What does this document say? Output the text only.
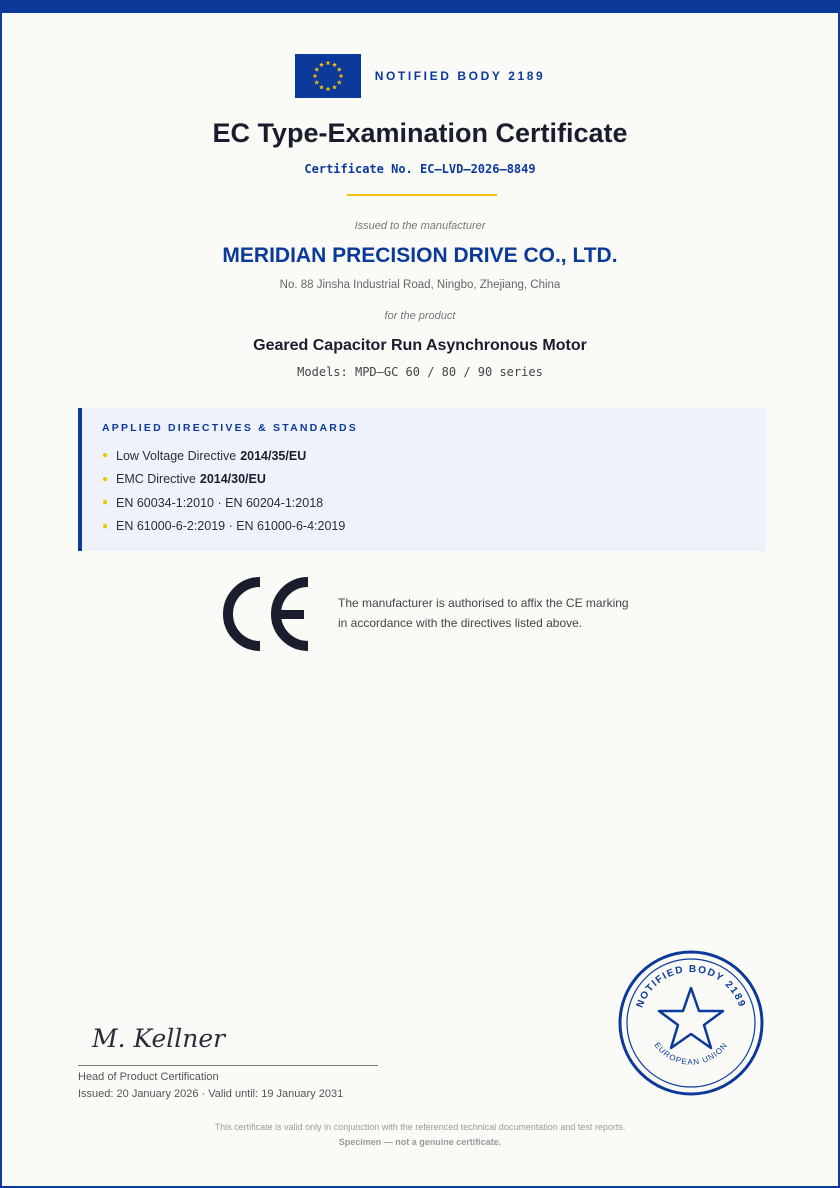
NOTIFIED BODY 2189
EC Type-Examination Certificate
Certificate No. EC–LVD–2026–8849
Issued to the manufacturer
MERIDIAN PRECISION DRIVE CO., LTD.
No. 88 Jinsha Industrial Road, Ningbo, Zhejiang, China
for the product
Geared Capacitor Run Asynchronous Motor
Models: MPD–GC 60 / 80 / 90 series
APPLIED DIRECTIVES & STANDARDS
● Low Voltage Directive 2014/35/EU
● EMC Directive 2014/30/EU
● EN 60034-1:2010 · EN 60204-1:2018
● EN 61000-6-2:2019 · EN 61000-6-4:2019
The manufacturer is authorised to affix the CE marking
in accordance with the directives listed above.
M. Kellner
Head of Product Certification
Issued: 20 January 2026 · Valid until: 19 January 2031
NOTIFIED BODY 2189
EUROPEAN UNION
This certificate is valid only in conjunction with the referenced technical documentation and test reports.
Specimen — not a genuine certificate.
